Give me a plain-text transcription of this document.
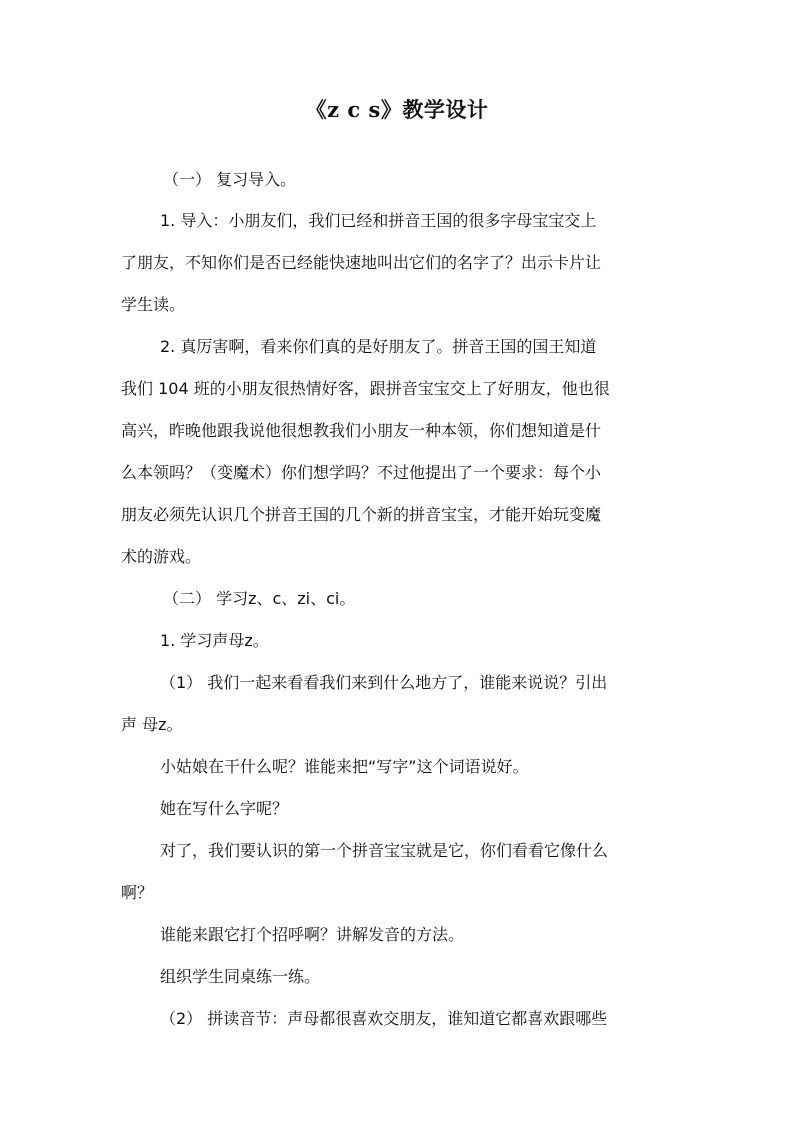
《z c s》教学设计
（一） 复习导入。
1. 导入：小朋友们，我们已经和拼音王国的很多字母宝宝交上
了朋友，不知你们是否已经能快速地叫出它们的名字了？出示卡片让
学生读。
2. 真厉害啊，看来你们真的是好朋友了。拼音王国的国王知道
我们 104 班的小朋友很热情好客，跟拼音宝宝交上了好朋友，他也很
高兴，昨晚他跟我说他很想教我们小朋友一种本领，你们想知道是什
么本领吗？（变魔术）你们想学吗？不过他提出了一个要求：每个小
朋友必须先认识几个拼音王国的几个新的拼音宝宝，才能开始玩变魔
术的游戏。
（二） 学习z、c、zi、ci。
1. 学习声母z。
（1） 我们一起来看看我们来到什么地方了，谁能来说说？引出
声 母z。
小姑娘在干什么呢？谁能来把“写字”这个词语说好。
她在写什么字呢？
对了，我们要认识的第一个拼音宝宝就是它，你们看看它像什么
啊？
谁能来跟它打个招呼啊？讲解发音的方法。
组织学生同桌练一练。
（2） 拼读音节：声母都很喜欢交朋友，谁知道它都喜欢跟哪些
